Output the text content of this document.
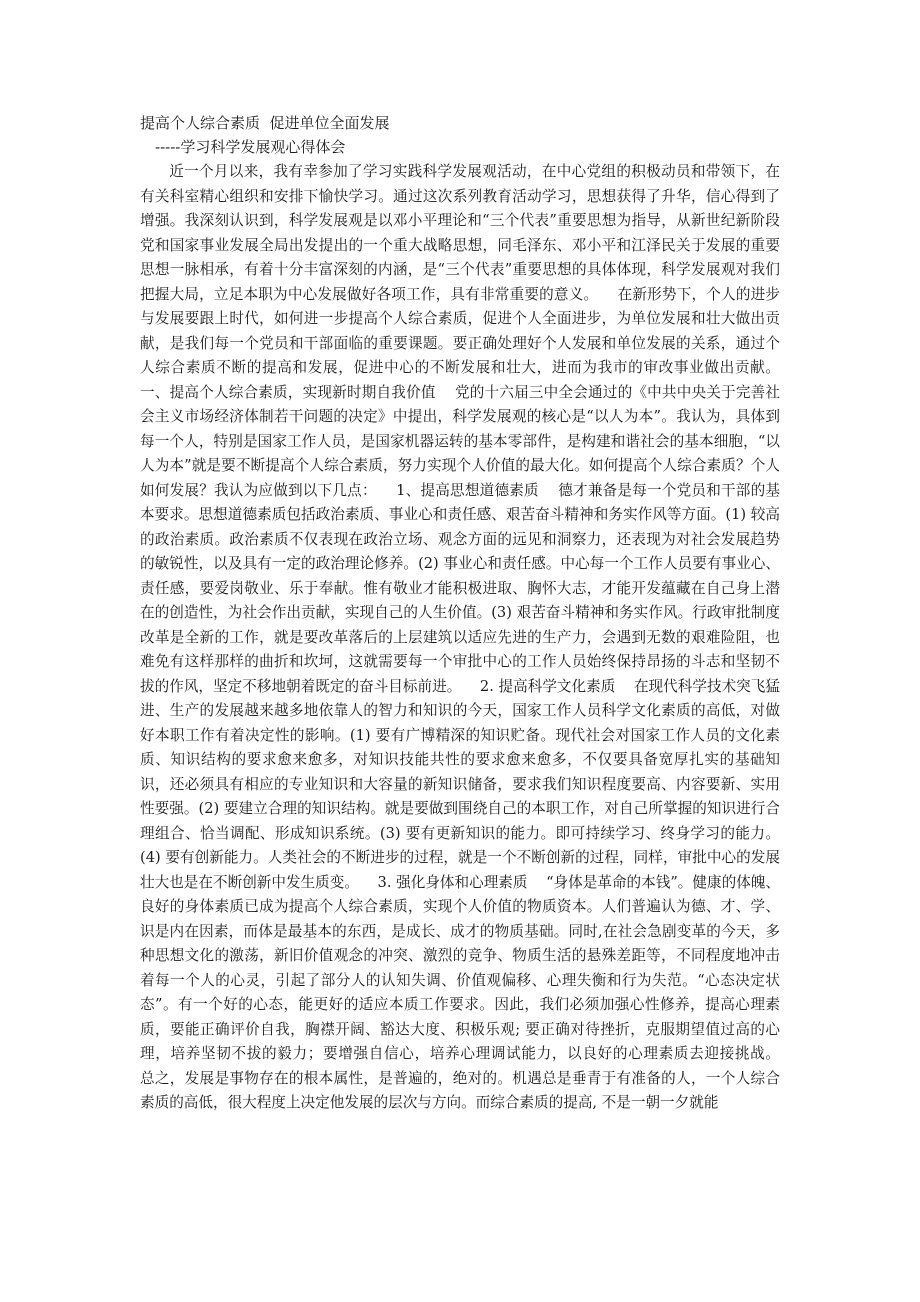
提高个人综合素质  促进单位全面发展
-----学习科学发展观心得体会

近一个月以来，我有幸参加了学习实践科学发展观活动，在中心党组的积极动员和带领下，在有关科室精心组织和安排下愉快学习。通过这次系列教育活动学习，思想获得了升华，信心得到了增强。我深刻认识到，科学发展观是以邓小平理论和“三个代表”重要思想为指导，从新世纪新阶段党和国家事业发展全局出发提出的一个重大战略思想，同毛泽东、邓小平和江泽民关于发展的重要思想一脉相承，有着十分丰富深刻的内涵，是“三个代表”重要思想的具体体现，科学发展观对我们把握大局，立足本职为中心发展做好各项工作，具有非常重要的意义。    在新形势下，个人的进步与发展要跟上时代，如何进一步提高个人综合素质，促进个人全面进步，为单位发展和壮大做出贡献，是我们每一个党员和干部面临的重要课题。要正确处理好个人发展和单位发展的关系，通过个人综合素质不断的提高和发展，促进中心的不断发展和壮大，进而为我市的审改事业做出贡献。    一、提高个人综合素质，实现新时期自我价值    党的十六届三中全会通过的《中共中央关于完善社会主义市场经济体制若干问题的决定》中提出，科学发展观的核心是“以人为本”。我认为，具体到每一个人，特别是国家工作人员，是国家机器运转的基本零部件，是构建和谐社会的基本细胞，“以人为本”就是要不断提高个人综合素质，努力实现个人价值的最大化。如何提高个人综合素质？个人如何发展？我认为应做到以下几点：    1、提高思想道德素质    德才兼备是每一个党员和干部的基本要求。思想道德素质包括政治素质、事业心和责任感、艰苦奋斗精神和务实作风等方面。(1) 较高的政治素质。政治素质不仅表现在政治立场、观念方面的远见和洞察力，还表现为对社会发展趋势的敏锐性，以及具有一定的政治理论修养。(2) 事业心和责任感。中心每一个工作人员要有事业心、责任感，要爱岗敬业、乐于奉献。惟有敬业才能积极进取、胸怀大志，才能开发蕴藏在自己身上潜在的创造性，为社会作出贡献，实现自己的人生价值。(3) 艰苦奋斗精神和务实作风。行政审批制度改革是全新的工作，就是要改革落后的上层建筑以适应先进的生产力，会遇到无数的艰难险阻，也难免有这样那样的曲折和坎坷，这就需要每一个审批中心的工作人员始终保持昂扬的斗志和坚韧不拔的作风，坚定不移地朝着既定的奋斗目标前进。    2. 提高科学文化素质    在现代科学技术突飞猛进、生产的发展越来越多地依靠人的智力和知识的今天，国家工作人员科学文化素质的高低，对做好本职工作有着决定性的影响。(1) 要有广博精深的知识贮备。现代社会对国家工作人员的文化素质、知识结构的要求愈来愈多，对知识技能共性的要求愈来愈多，不仅要具备宽厚扎实的基础知识，还必须具有相应的专业知识和大容量的新知识储备，要求我们知识程度要高、内容要新、实用性要强。(2) 要建立合理的知识结构。就是要做到围绕自己的本职工作，对自己所掌握的知识进行合理组合、恰当调配、形成知识系统。(3) 要有更新知识的能力。即可持续学习、终身学习的能力。(4) 要有创新能力。人类社会的不断进步的过程，就是一个不断创新的过程，同样，审批中心的发展壮大也是在不断创新中发生质变。    3. 强化身体和心理素质    “身体是革命的本钱”。健康的体魄、良好的身体素质已成为提高个人综合素质，实现个人价值的物质资本。人们普遍认为德、才、学、识是内在因素，而体是最基本的东西，是成长、成才的物质基础。同时,在社会急剧变革的今天，多种思想文化的激荡，新旧价值观念的冲突、激烈的竞争、物质生活的悬殊差距等，不同程度地冲击着每一个人的心灵，引起了部分人的认知失调、价值观偏移、心理失衡和行为失范。“心态决定状态”。有一个好的心态，能更好的适应本质工作要求。因此，我们必须加强心性修养，提高心理素质，要能正确评价自我，胸襟开阔、豁达大度、积极乐观; 要正确对待挫折，克服期望值过高的心理，培养坚韧不拔的毅力；要增强自信心，培养心理调试能力，以良好的心理素质去迎接挑战。    总之，发展是事物存在的根本属性，是普遍的，绝对的。机遇总是垂青于有准备的人，一个人综合素质的高低，很大程度上决定他发展的层次与方向。而综合素质的提高, 不是一朝一夕就能
